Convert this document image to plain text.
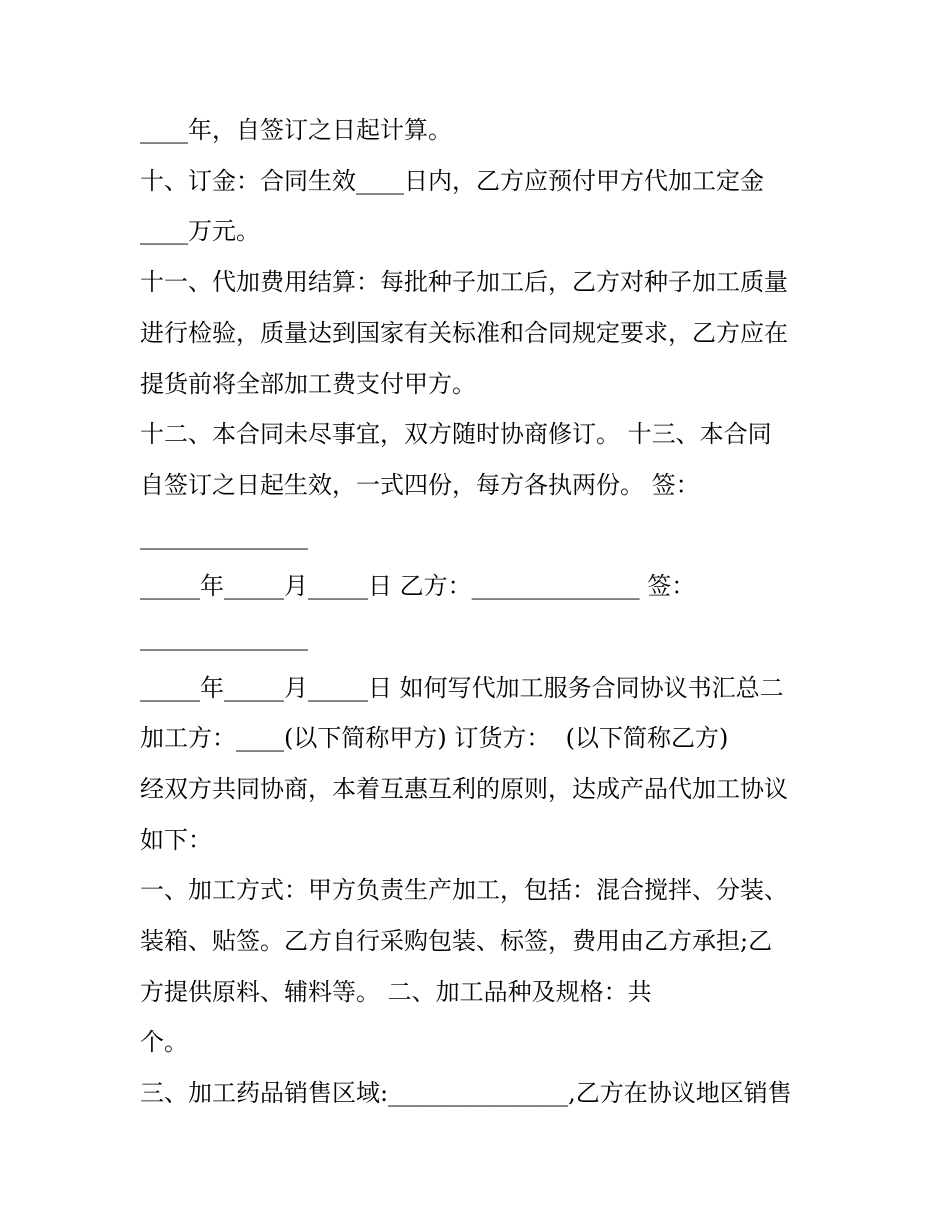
____年，自签订之日起计算。
十、订金：合同生效____日内，乙方应预付甲方代加工定金
____万元。
十一、代加费用结算：每批种子加工后，乙方对种子加工质量
进行检验，质量达到国家有关标准和合同规定要求，乙方应在
提货前将全部加工费支付甲方。
十二、本合同未尽事宜，双方随时协商修订。 十三、本合同
自签订之日起生效，一式四份，每方各执两份。 签：
______________
_____年_____月_____日 乙方：______________ 签：
______________
_____年_____月_____日 如何写代加工服务合同协议书汇总二
加工方：____(以下简称甲方) 订货方：  (以下简称乙方)
经双方共同协商，本着互惠互利的原则，达成产品代加工协议
如下：
一、加工方式：甲方负责生产加工，包括：混合搅拌、分装、
装箱、贴签。乙方自行采购包装、标签，费用由乙方承担;乙
方提供原料、辅料等。 二、加工品种及规格：共
个。
三、加工药品销售区域:_______________,乙方在协议地区销售
